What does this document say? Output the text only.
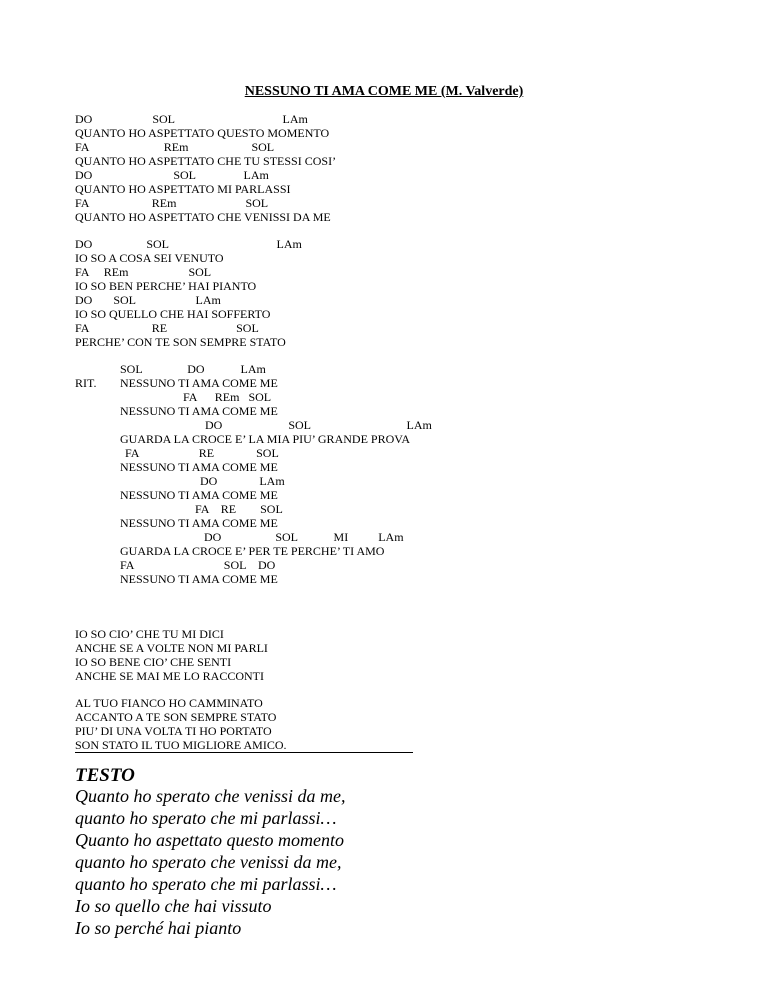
NESSUNO TI AMA COME ME (M. Valverde)
DO                    SOL                                    LAm
QUANTO HO ASPETTATO QUESTO MOMENTO
FA                         REm                     SOL
QUANTO HO ASPETTATO CHE TU STESSI COSI’
DO                           SOL                LAm
QUANTO HO ASPETTATO MI PARLASSI
FA                     REm                       SOL
QUANTO HO ASPETTATO CHE VENISSI DA ME
DO                  SOL                                    LAm
IO SO A COSA SEI VENUTO
FA     REm                    SOL
IO SO BEN PERCHE’ HAI PIANTO
DO       SOL                    LAm
IO SO QUELLO CHE HAI SOFFERTO
FA                     RE                       SOL
PERCHE’ CON TE SON SEMPRE STATO
RIT.
SOL               DO            LAm
NESSUNO TI AMA COME ME
FA      REm   SOL
NESSUNO TI AMA COME ME
DO                      SOL                                LAm
GUARDA LA CROCE E’ LA MIA PIU’ GRANDE PROVA
FA                    RE              SOL
NESSUNO TI AMA COME ME
DO              LAm
NESSUNO TI AMA COME ME
FA    RE        SOL
NESSUNO TI AMA COME ME
DO                  SOL            MI          LAm
GUARDA LA CROCE E’ PER TE PERCHE’ TI AMO
FA                              SOL    DO
NESSUNO TI AMA COME ME
IO SO CIO’ CHE TU MI DICI
ANCHE SE A VOLTE NON MI PARLI
IO SO BENE CIO’ CHE SENTI
ANCHE SE MAI ME LO RACCONTI
AL TUO FIANCO HO CAMMINATO
ACCANTO A TE SON SEMPRE STATO
PIU’ DI UNA VOLTA TI HO PORTATO
SON STATO IL TUO MIGLIORE AMICO.
TESTO
Quanto ho sperato che venissi da me,
quanto ho sperato che mi parlassi…
Quanto ho aspettato questo momento
quanto ho sperato che venissi da me,
quanto ho sperato che mi parlassi…
Io so quello che hai vissuto
Io so perché hai pianto
